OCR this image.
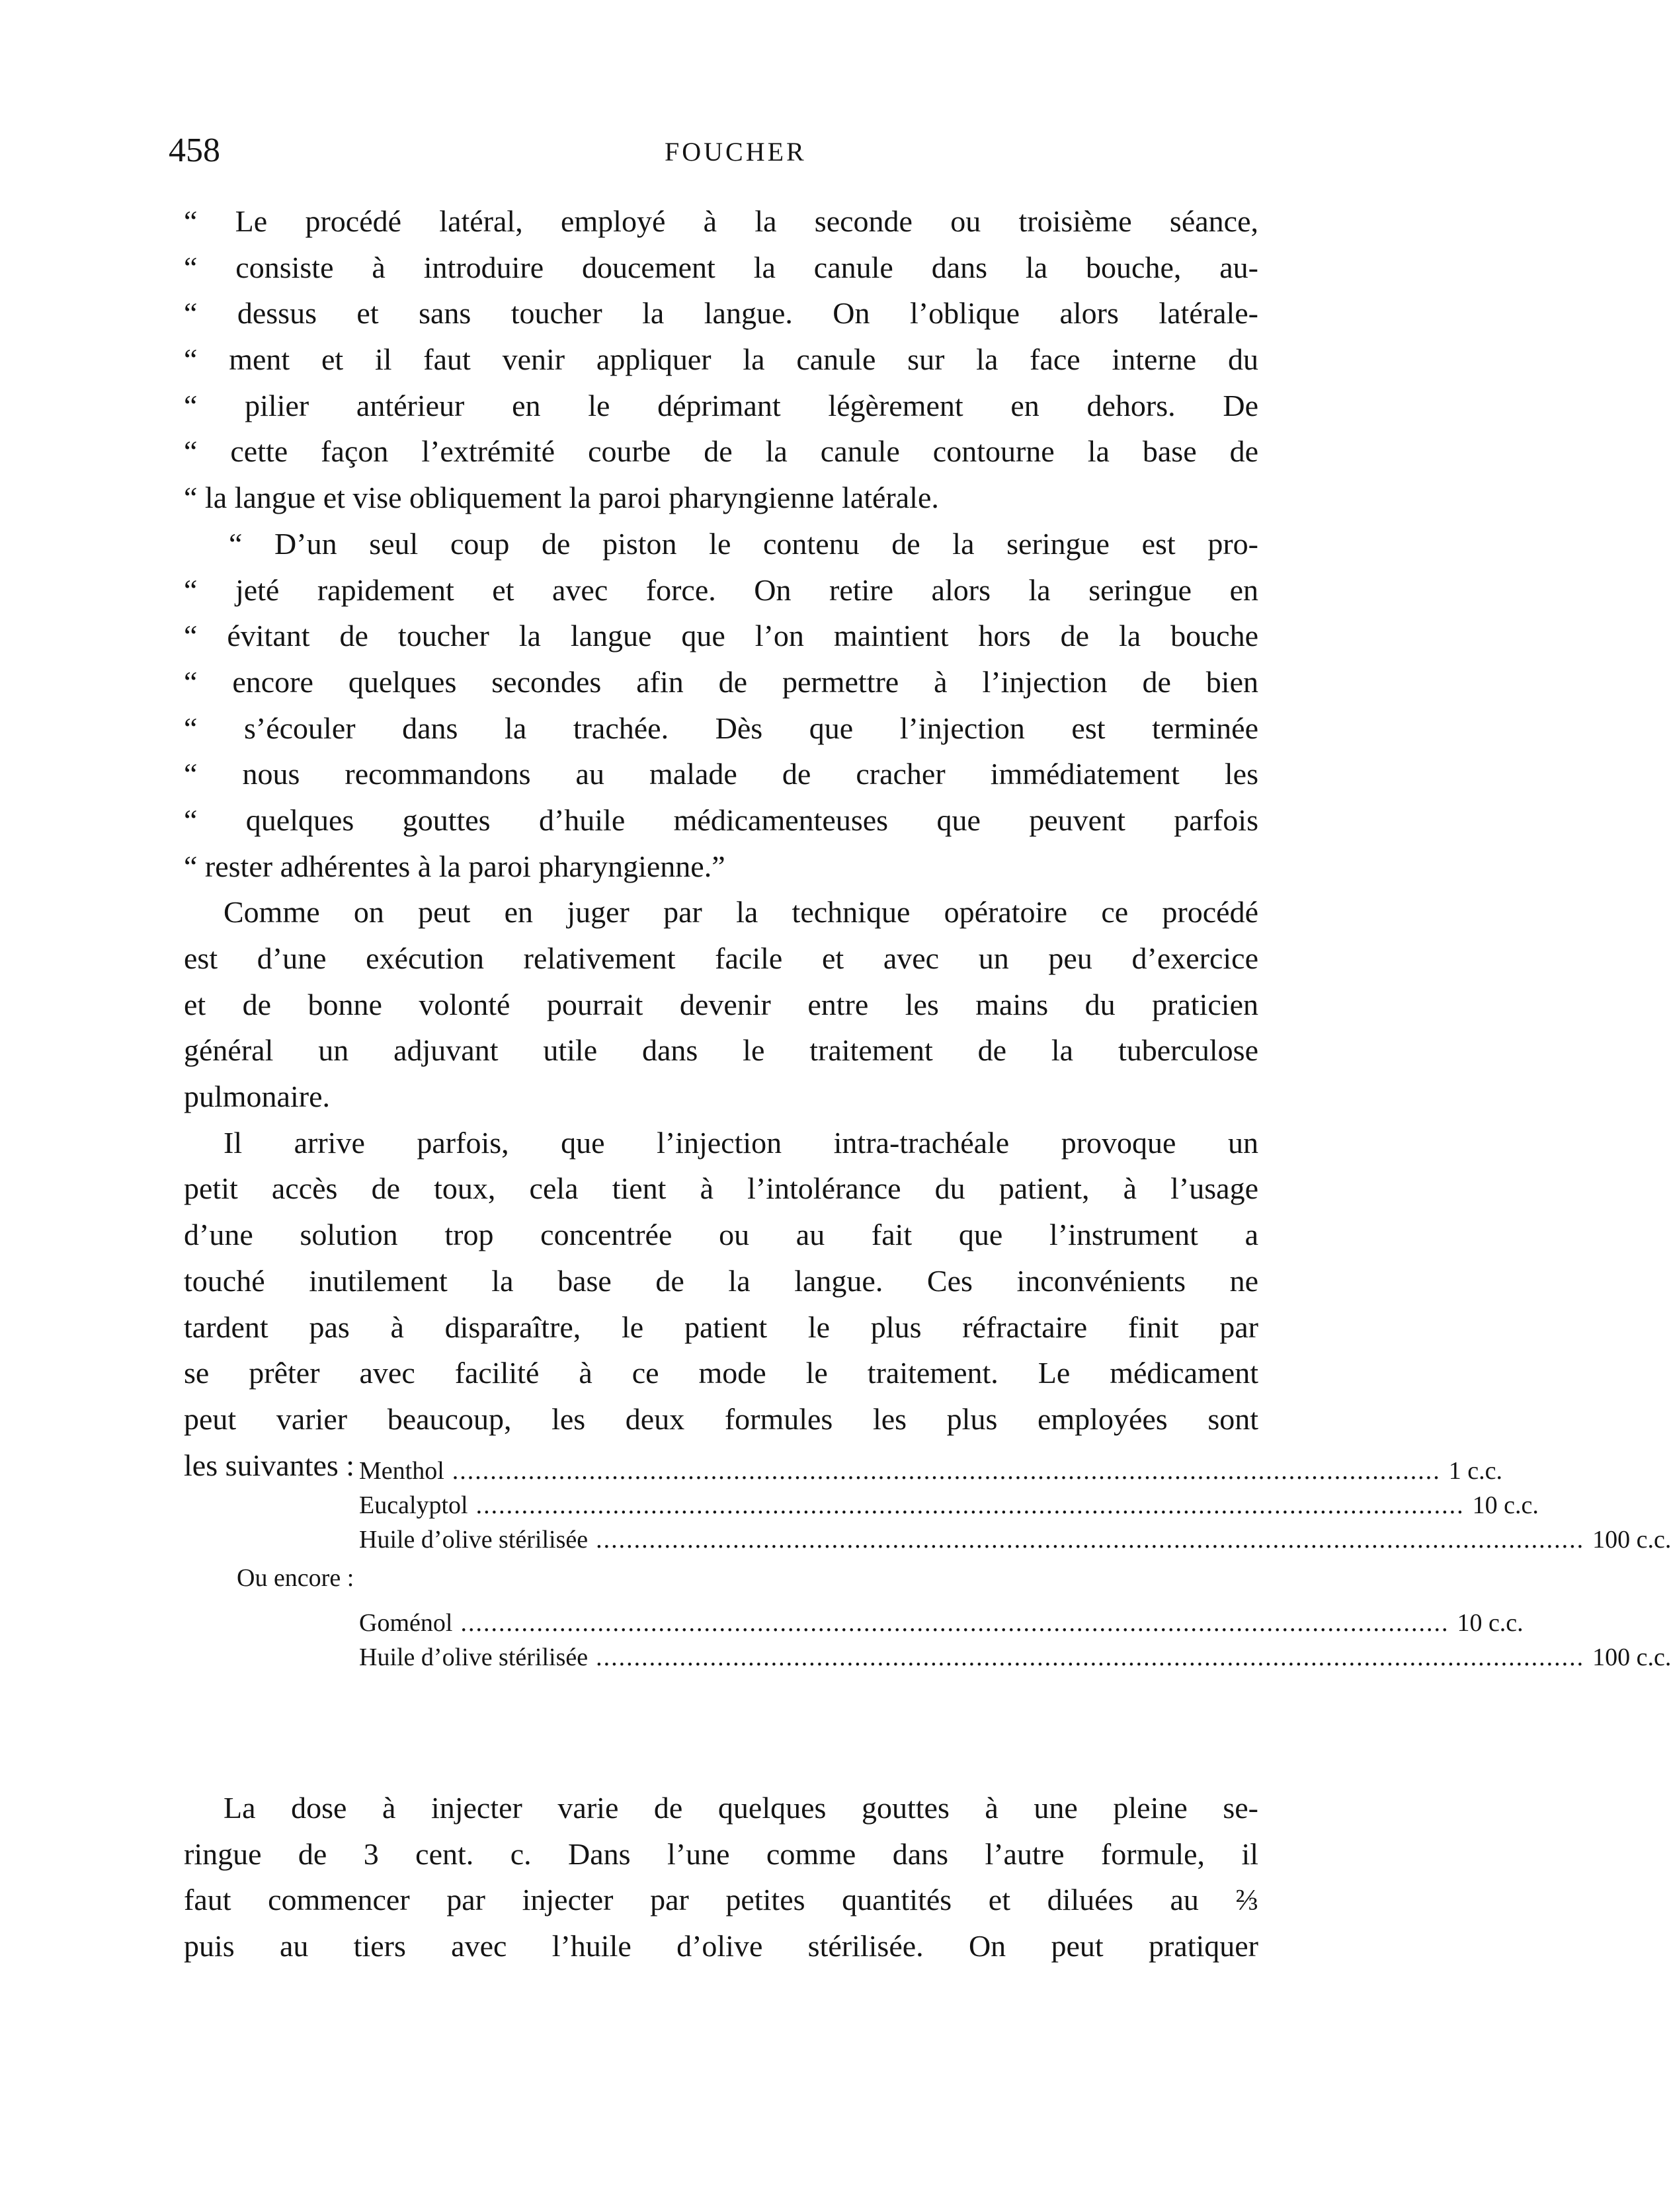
458	FOUCHER
“ Le procédé latéral, employé à la seconde ou troisième séance,
“ consiste à introduire doucement la canule dans la bouche, au-
“ dessus et sans toucher la langue. On l’oblique alors latérale-
“ ment et il faut venir appliquer la canule sur la face interne du
“ pilier antérieur en le déprimant légèrement en dehors. De
“ cette façon l’extrémité courbe de la canule contourne la base de
“ la langue et vise obliquement la paroi pharyngienne latérale.
“ D’un seul coup de piston le contenu de la seringue est pro-
“ jeté rapidement et avec force. On retire alors la seringue en
“ évitant de toucher la langue que l’on maintient hors de la bouche
“ encore quelques secondes afin de permettre à l’injection de bien
“ s’écouler dans la trachée. Dès que l’injection est terminée
“ nous recommandons au malade de cracher immédiatement les
“ quelques gouttes d’huile médicamenteuses que peuvent parfois
“ rester adhérentes à la paroi pharyngienne.”
Comme on peut en juger par la technique opératoire ce procédé
est d’une exécution relativement facile et avec un peu d’exercice
et de bonne volonté pourrait devenir entre les mains du praticien
général un adjuvant utile dans le traitement de la tuberculose
pulmonaire.
Il arrive parfois, que l’injection intra-trachéale provoque un
petit accès de toux, cela tient à l’intolérance du patient, à l’usage
d’une solution trop concentrée ou au fait que l’instrument a
touché inutilement la base de la langue. Ces inconvénients ne
tardent pas à disparaître, le patient le plus réfractaire finit par
se prêter avec facilité à ce mode le traitement. Le médicament
peut varier beaucoup, les deux formules les plus employées sont
les suivantes : Menthol .................................................................................................................................. 1 c.c.
Eucalyptol .................................................................................................................................. 10 c.c.
Huile d’olive stérilisée .................................................................................................................................. 100 c.c.
Ou encore :
Goménol .................................................................................................................................. 10 c.c.
Huile d’olive stérilisée .................................................................................................................................. 100 c.c.
La dose à injecter varie de quelques gouttes à une pleine se-
ringue de 3 cent. c. Dans l’une comme dans l’autre formule, il
faut commencer par injecter par petites quantités et diluées au ⅔
puis au tiers avec l’huile d’olive stérilisée. On peut pratiquer
